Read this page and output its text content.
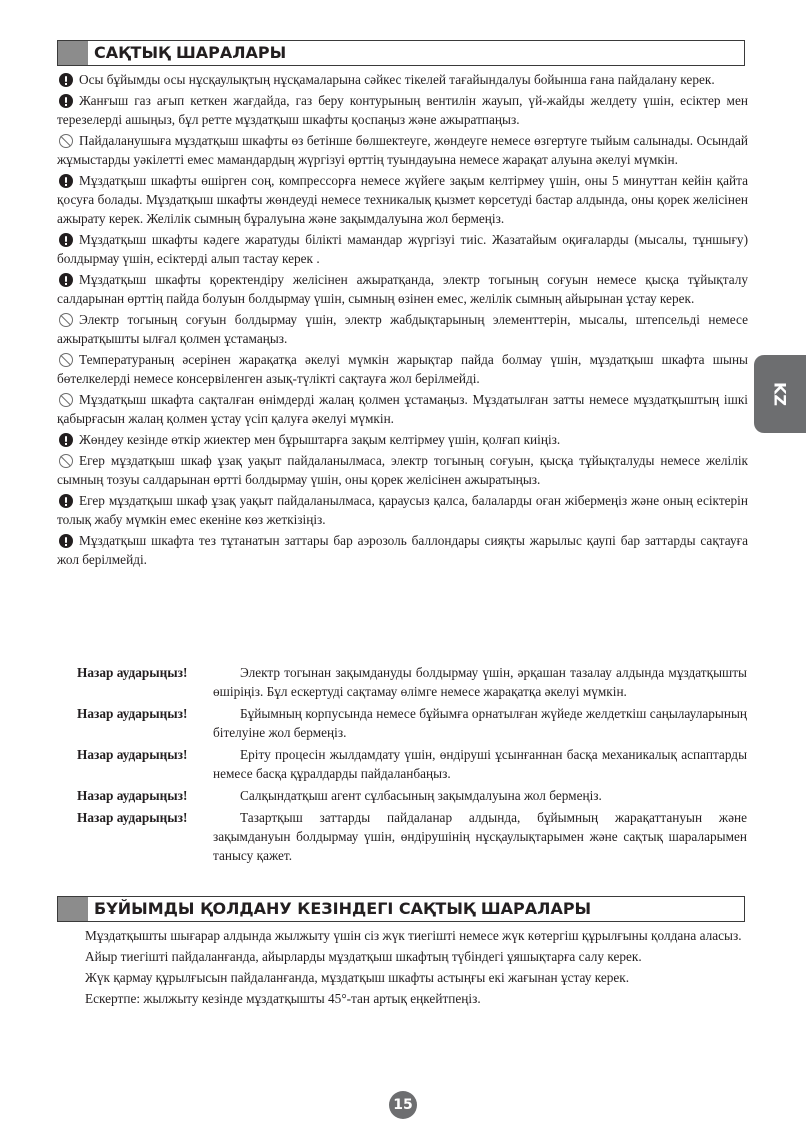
САҚТЫҚ ШАРАЛАРЫ

Осы бұйымды осы нұсқаулықтың нұсқамаларына сәйкес тікелей тағайындалуы бойынша ғана пайдалану керек.

Жанғыш газ ағып кеткен жағдайда, газ беру контурының вентилін жауып, үй-жайды желдету үшін, есіктер мен терезелерді ашыңыз, бұл ретте мұздатқыш шкафты қоспаңыз және ажыратпаңыз.

Пайдаланушыға мұздатқыш шкафты өз бетінше бөлшектеуге, жөндеуге немесе өзгертуге тыйым салынады. Осындай жұмыстарды уәкілетті емес мамандардың жүргізуі өрттің туындауына немесе жарақат алуына әкелуі мүмкін.

Мұздатқыш шкафты өшірген соң, компрессорға немесе жүйеге зақым келтірмеу үшін, оны 5 минуттан кейін қайта қосуға болады. Мұздатқыш шкафты жөндеуді немесе техникалық қызмет көрсетуді бастар алдында, оны қорек желісінен ажырату керек. Желілік сымның бұралуына және зақымдалуына жол бермеңіз.

Мұздатқыш шкафты кәдеге жаратуды білікті мамандар жүргізуі тиіс. Жазатайым оқиғаларды (мысалы, тұншығу) болдырмау үшін, есіктерді алып тастау керек .

Мұздатқыш шкафты қоректендіру желісінен ажыратқанда, электр тогының соғуын немесе қысқа тұйықталу салдарынан өрттің пайда болуын болдырмау үшін, сымның өзінен емес, желілік сымның айырынан ұстау керек.

Электр тогының соғуын болдырмау үшін, электр жабдықтарының элементтерін, мысалы, штепсельді немесе ажыратқышты ылғал қолмен ұстамаңыз.

Температураның әсерінен жарақатқа әкелуі мүмкін жарықтар пайда болмау үшін, мұздатқыш шкафта шыны бөтелкелерді немесе консервіленген азық-түлікті сақтауға жол берілмейді.

Мұздатқыш шкафта сақталған өнімдерді жалаң қолмен ұстамаңыз. Мұздатылған затты немесе мұздатқыштың ішкі қабырғасын жалаң қолмен ұстау үсіп қалуға әкелуі мүмкін.

Жөндеу кезінде өткір жиектер мен бұрыштарға зақым келтірмеу үшін, қолғап киіңіз.

Егер мұздатқыш шкаф ұзақ уақыт пайдаланылмаса, электр тогының соғуын, қысқа тұйықталуды немесе желілік сымның тозуы салдарынан өртті болдырмау үшін, оны қорек желісінен ажыратыңыз.

Егер мұздатқыш шкаф ұзақ уақыт пайдаланылмаса, қараусыз қалса, балаларды оған жібермеңіз және оның есіктерін толық жабу мүмкін емес екеніне көз жеткізіңіз.

Мұздатқыш шкафта тез тұтанатын заттары бар аэрозоль баллондары сияқты жарылыс қаупі бар заттарды сақтауға жол берілмейді.

Назар аударыңыз!	Электр тогынан зақымдануды болдырмау үшін, әрқашан тазалау алдында мұздатқышты өшіріңіз. Бұл ескертуді сақтамау өлімге немесе жарақатқа әкелуі мүмкін.
Назар аударыңыз!	Бұйымның корпусында немесе бұйымға орнатылған жүйеде желдеткіш саңылауларының бітелуіне жол бермеңіз.
Назар аударыңыз!	Еріту процесін жылдамдату үшін, өндіруші ұсынғаннан басқа механикалық аспаптарды немесе басқа құралдарды пайдаланбаңыз.
Назар аударыңыз!	Салқындатқыш агент сұлбасының зақымдалуына жол бермеңіз.
Назар аударыңыз!	Тазартқыш заттарды пайдаланар алдында, бұйымның жарақаттануын және зақымдануын болдырмау үшін, өндірушінің нұсқаулықтарымен және сақтық шараларымен танысу қажет.
БҰЙЫМДЫ ҚОЛДАНУ КЕЗІНДЕГІ САҚТЫҚ ШАРАЛАРЫ

Мұздатқышты шығарар алдында жылжыту үшін сіз жүк тиегішті немесе жүк көтергіш құрылғыны қолдана аласыз.

Айыр тиегішті пайдаланғанда, айырларды мұздатқыш шкафтың түбіндегі ұяшықтарға салу керек.

Жүк қармау құрылғысын пайдаланғанда, мұздатқыш шкафты астыңғы екі жағынан ұстау керек.

Ескертпе: жылжыту кезінде мұздатқышты 45°-тан артық еңкейтпеңіз.

KZ
15
